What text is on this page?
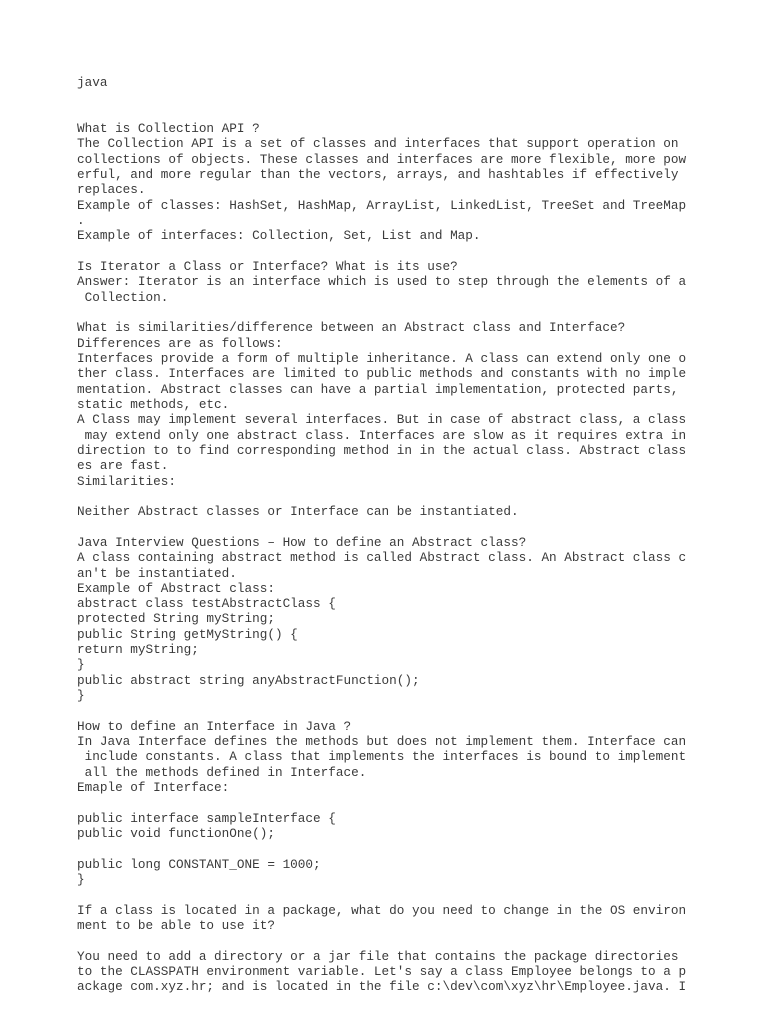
java
What is Collection API ?
The Collection API is a set of classes and interfaces that support operation on
collections of objects. These classes and interfaces are more flexible, more pow
erful, and more regular than the vectors, arrays, and hashtables if effectively
replaces.
Example of classes: HashSet, HashMap, ArrayList, LinkedList, TreeSet and TreeMap
.
Example of interfaces: Collection, Set, List and Map.
Is Iterator a Class or Interface? What is its use?
Answer: Iterator is an interface which is used to step through the elements of a
Collection.
What is similarities/difference between an Abstract class and Interface?
Differences are as follows:
Interfaces provide a form of multiple inheritance. A class can extend only one o
ther class. Interfaces are limited to public methods and constants with no imple
mentation. Abstract classes can have a partial implementation, protected parts,
static methods, etc.
A Class may implement several interfaces. But in case of abstract class, a class
may extend only one abstract class. Interfaces are slow as it requires extra in
direction to to find corresponding method in in the actual class. Abstract class
es are fast.
Similarities:
Neither Abstract classes or Interface can be instantiated.
Java Interview Questions – How to define an Abstract class?
A class containing abstract method is called Abstract class. An Abstract class c
an't be instantiated.
Example of Abstract class:
abstract class testAbstractClass {
protected String myString;
public String getMyString() {
return myString;
}
public abstract string anyAbstractFunction();
}
How to define an Interface in Java ?
In Java Interface defines the methods but does not implement them. Interface can
include constants. A class that implements the interfaces is bound to implement
all the methods defined in Interface.
Emaple of Interface:
public interface sampleInterface {
public void functionOne();
public long CONSTANT_ONE = 1000;
}
If a class is located in a package, what do you need to change in the OS environ
ment to be able to use it?
You need to add a directory or a jar file that contains the package directories
to the CLASSPATH environment variable. Let's say a class Employee belongs to a p
ackage com.xyz.hr; and is located in the file c:\dev\com\xyz\hr\Employee.java. I
